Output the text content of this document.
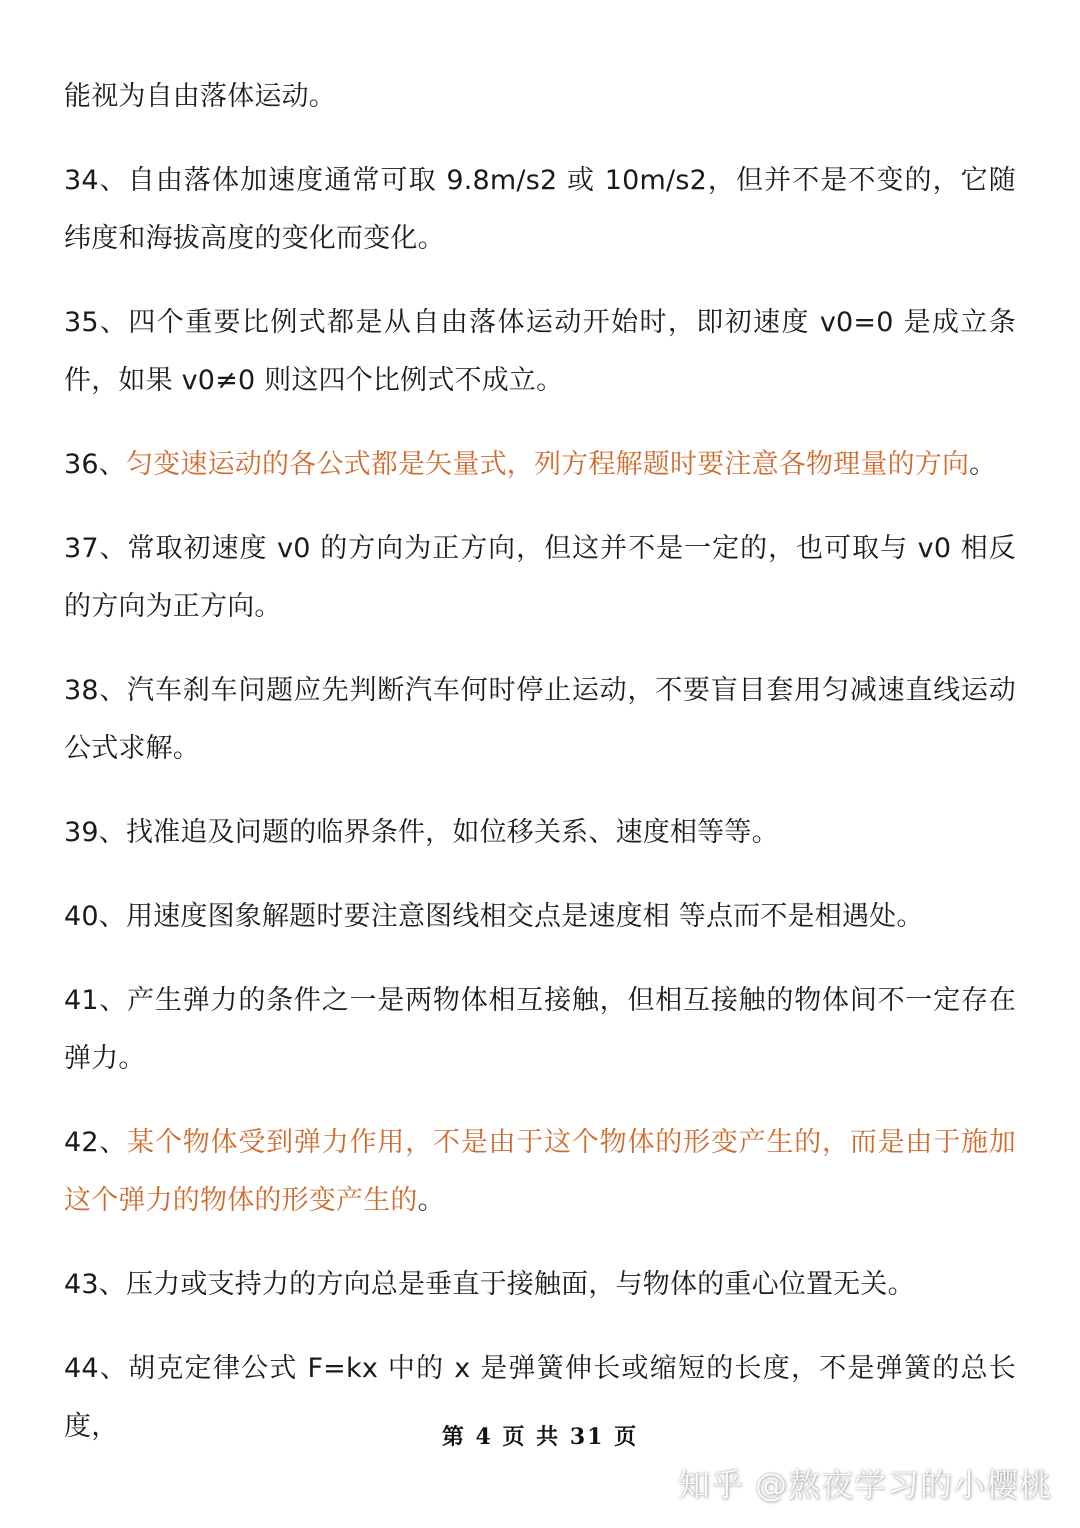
能视为自由落体运动。

34、自由落体加速度通常可取 9.8m/s2 或 10m/s2，但并不是不变的，它随纬度和海拔高度的变化而变化。

35、四个重要比例式都是从自由落体运动开始时，即初速度 v0=0 是成立条件，如果 v0≠0 则这四个比例式不成立。

36、匀变速运动的各公式都是矢量式，列方程解题时要注意各物理量的方向。

37、常取初速度 v0 的方向为正方向，但这并不是一定的，也可取与 v0 相反的方向为正方向。

38、汽车刹车问题应先判断汽车何时停止运动，不要盲目套用匀减速直线运动公式求解。

39、找准追及问题的临界条件，如位移关系、速度相等等。

40、用速度图象解题时要注意图线相交点是速度相 等点而不是相遇处。

41、产生弹力的条件之一是两物体相互接触，但相互接触的物体间不一定存在弹力。

42、某个物体受到弹力作用，不是由于这个物体的形变产生的，而是由于施加这个弹力的物体的形变产生的。

43、压力或支持力的方向总是垂直于接触面，与物体的重心位置无关。

44、胡克定律公式 F=kx 中的 x 是弹簧伸长或缩短的长度，不是弹簧的总长度，	第 4 页 共 31 页
知乎 @熬夜学习的小樱桃
